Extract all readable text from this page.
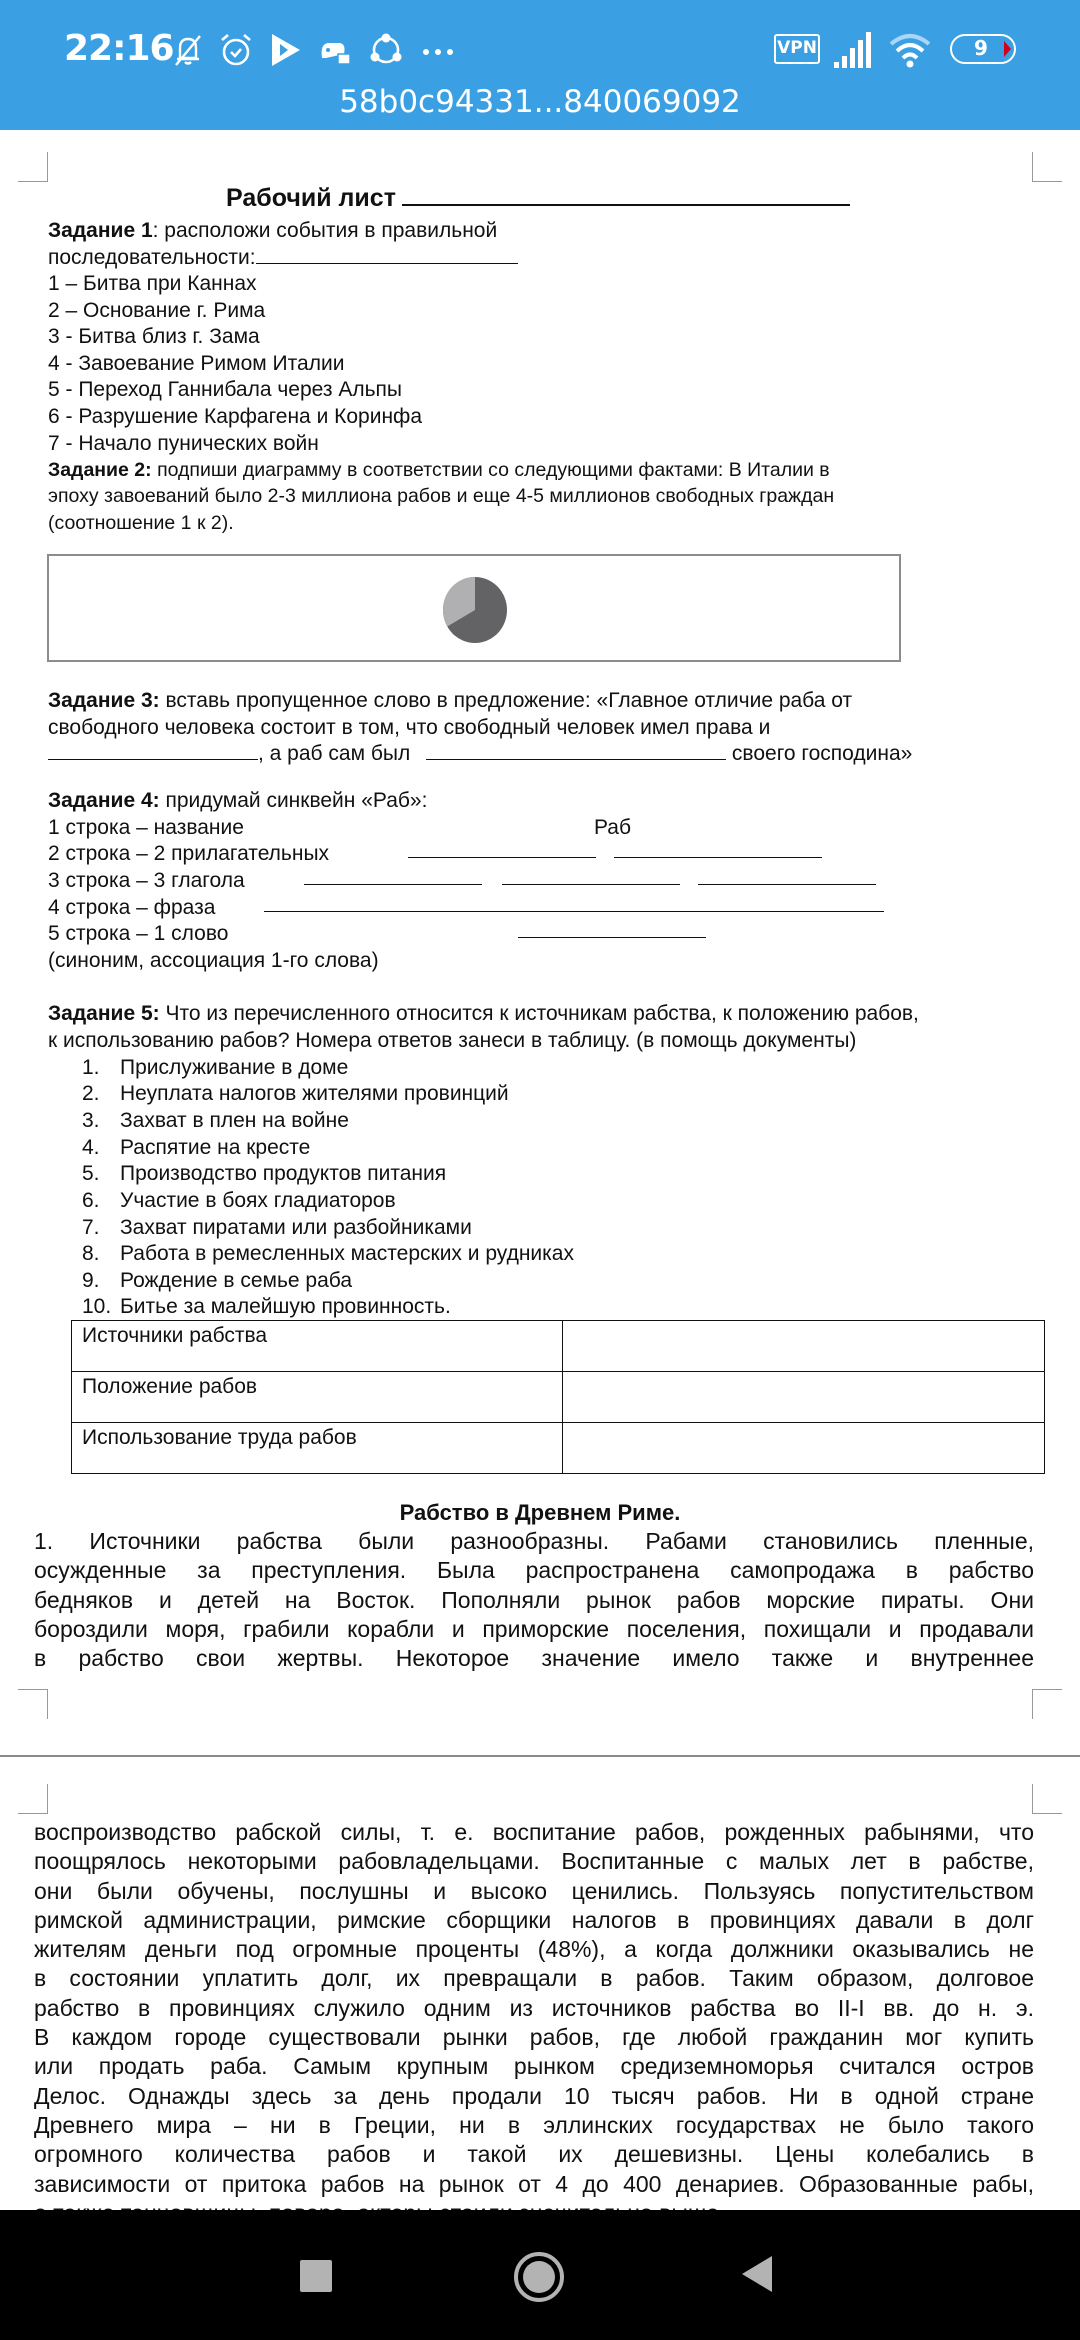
22:16	VPN	9
58b0c94331...840069092
Рабочий лист
Задание 1: расположи события в правильной
последовательности:
1 – Битва при Каннах
2 – Основание г. Рима
3 - Битва близ г. Зама
4 - Завоевание Римом Италии
5 - Переход Ганнибала через Альпы
6 - Разрушение Карфагена и Коринфа
7 - Начало пунических войн
Задание 2: подпиши диаграмму в соответствии со следующими фактами: В Италии в
эпоху завоеваний было 2-3 миллиона рабов и еще 4-5 миллионов свободных граждан
(соотношение 1 к 2).
Задание 3: вставь пропущенное слово в предложение: «Главное отличие раба от
свободного человека состоит в том, что свободный человек имел права и
, а раб сам был	своего господина»
Задание 4: придумай синквейн «Раб»:
1 строка – название	Раб
2 строка – 2 прилагательных
3 строка – 3 глагола
4 строка – фраза
5 строка – 1 слово
(синоним, ассоциация 1-го слова)
Задание 5: Что из перечисленного относится к источникам рабства, к положению рабов,
к использованию рабов? Номера ответов занеси в таблицу. (в помощь документы)
1. Прислуживание в доме
2. Неуплата налогов жителями провинций
3. Захват в плен на войне
4. Распятие на кресте
5. Производство продуктов питания
6. Участие в боях гладиаторов
7. Захват пиратами или разбойниками
8. Работа в ремесленных мастерских и рудниках
9. Рождение в семье раба
10. Битье за малейшую провинность.
Источники рабства	
Положение рабов	
Использование труда рабов	
Рабство в Древнем Риме.
1. Источники рабства были разнообразны. Рабами становились пленные,
осужденные за преступления. Была распространена самопродажа в рабство
бедняков и детей на Восток. Пополняли рынок рабов морские пираты. Они
бороздили моря, грабили корабли и приморские поселения, похищали и продавали
в рабство свои жертвы. Некоторое значение имело также и внутреннее
воспроизводство рабской силы, т. е. воспитание рабов, рожденных рабынями, что
поощрялось некоторыми рабовладельцами. Воспитанные с малых лет в рабстве,
они были обучены, послушны и высоко ценились. Пользуясь попустительством
римской администрации, римские сборщики налогов в провинциях давали в долг
жителям деньги под огромные проценты (48%), а когда должники оказывались не
в состоянии уплатить долг, их превращали в рабов. Таким образом, долговое
рабство в провинциях служило одним из источников рабства во II-I вв. до н. э.
В каждом городе существовали рынки рабов, где любой гражданин мог купить
или продать раба. Самым крупным рынком средиземноморья считался остров
Делос. Однажды здесь за день продали 10 тысяч рабов. Ни в одной стране
Древнего мира – ни в Греции, ни в эллинских государствах не было такого
огромного количества рабов и такой их дешевизны. Цены колебались в
зависимости от притока рабов на рынок от 4 до 400 денариев. Образованные рабы,
